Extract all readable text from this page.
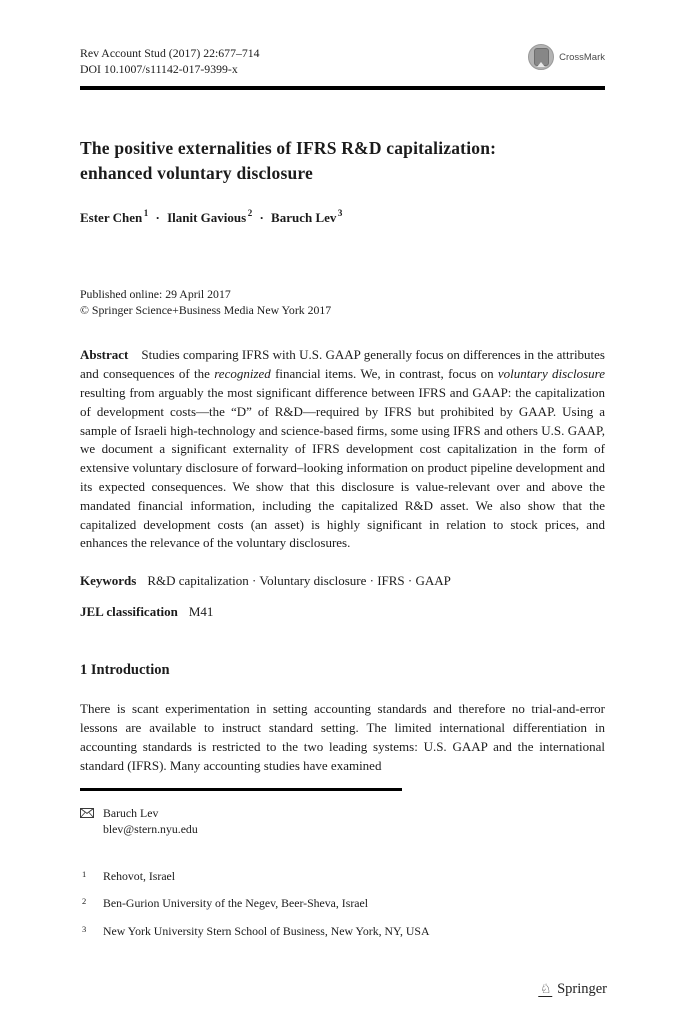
Rev Account Stud (2017) 22:677–714
DOI 10.1007/s11142-017-9399-x
CrossMark
The positive externalities of IFRS R&D capitalization:
enhanced voluntary disclosure
Ester Chen $^1$ · Ilanit Gavious $^2$ · Baruch Lev $^3$
Published online: 29 April 2017
© Springer Science+Business Media New York 2017

Abstract Studies comparing IFRS with U.S. GAAP generally focus on differences in the attributes and consequences of the recognized financial items. We, in contrast, focus on voluntary disclosure resulting from arguably the most significant difference between IFRS and GAAP: the capitalization of development costs—the “D” of R&D—required by IFRS but prohibited by GAAP. Using a sample of Israeli high-technology and science-based firms, some using IFRS and others U.S. GAAP, we document a significant externality of IFRS development cost capitalization in the form of extensive voluntary disclosure of forward–looking information on product pipeline development and its expected consequences. We show that this disclosure is value-relevant over and above the mandated financial information, including the capitalized R&D asset. We also show that the capitalized development costs (an asset) is highly significant in relation to stock prices, and enhances the relevance of the voluntary disclosures.

Keywords R&D capitalization · Voluntary disclosure · IFRS · GAAP
JEL classification M41
1 Introduction

There is scant experimentation in setting accounting standards and therefore no trial-and-error lessons are available to instruct standard setting. The limited international differentiation in accounting standards is restricted to the two leading systems: U.S. GAAP and the international standard (IFRS). Many accounting studies have examined

Baruch Lev
blev@stern.nyu.edu
1	Rehovot, Israel
2	Ben-Gurion University of the Negev, Beer-Sheva, Israel
3	New York University Stern School of Business, New York, NY, USA
♘ Springer
